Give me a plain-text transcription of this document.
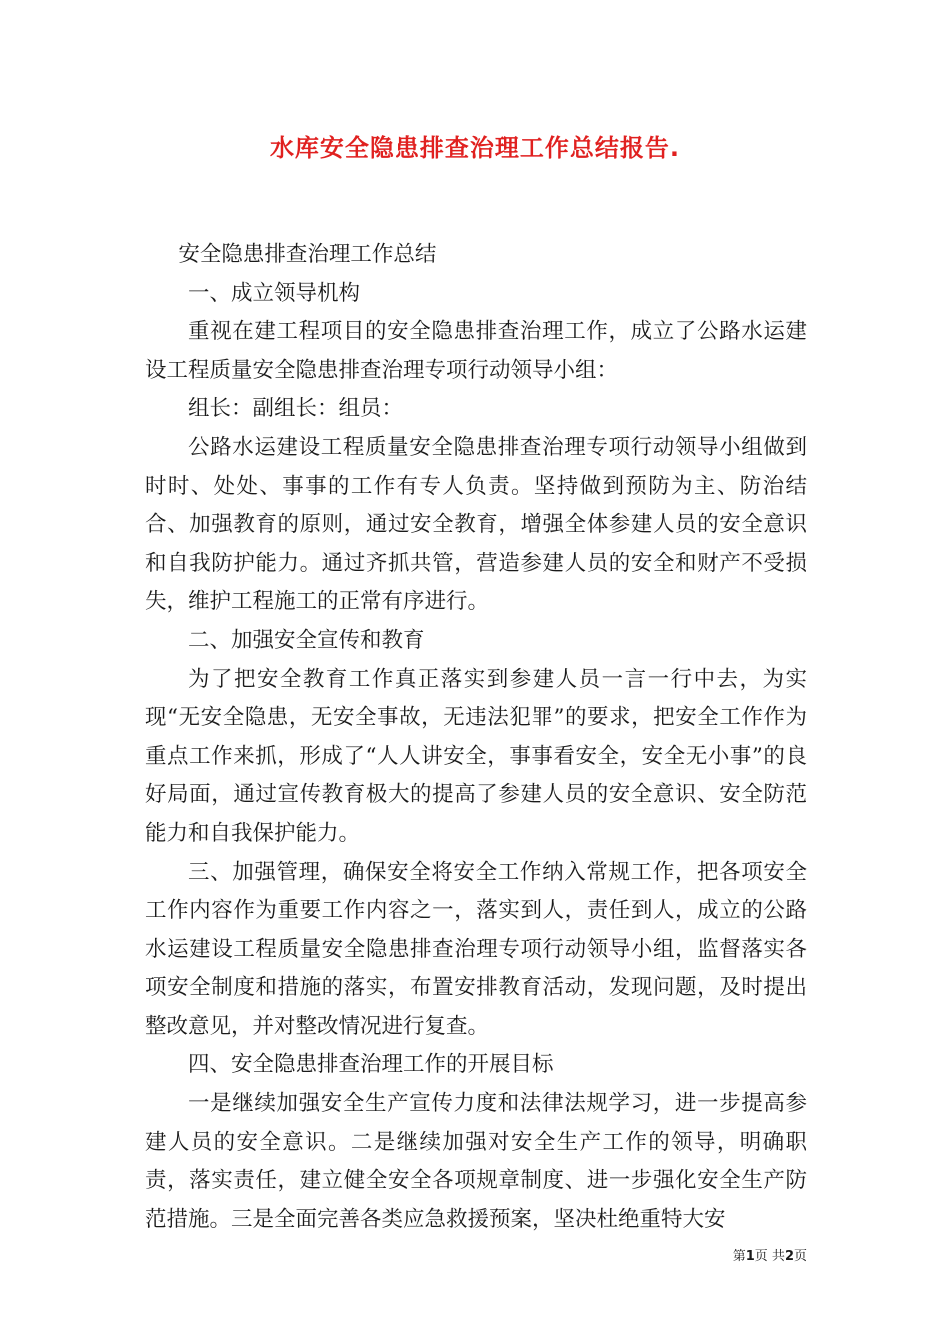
水库安全隐患排查治理工作总结报告.

安全隐患排查治理工作总结

一、成立领导机构

重视在建工程项目的安全隐患排查治理工作，成立了公路水运建设工程质量安全隐患排查治理专项行动领导小组：

组长：副组长：组员：

公路水运建设工程质量安全隐患排查治理专项行动领导小组做到时时、处处、事事的工作有专人负责。坚持做到预防为主、防治结合、加强教育的原则，通过安全教育，增强全体参建人员的安全意识和自我防护能力。通过齐抓共管，营造参建人员的安全和财产不受损失，维护工程施工的正常有序进行。

二、加强安全宣传和教育

为了把安全教育工作真正落实到参建人员一言一行中去，为实现“无安全隐患，无安全事故，无违法犯罪”的要求，把安全工作作为重点工作来抓，形成了“人人讲安全，事事看安全，安全无小事”的良好局面，通过宣传教育极大的提高了参建人员的安全意识、安全防范能力和自我保护能力。

三、加强管理，确保安全将安全工作纳入常规工作，把各项安全工作内容作为重要工作内容之一，落实到人，责任到人，成立的公路水运建设工程质量安全隐患排查治理专项行动领导小组，监督落实各项安全制度和措施的落实，布置安排教育活动，发现问题，及时提出整改意见，并对整改情况进行复查。

四、安全隐患排查治理工作的开展目标

一是继续加强安全生产宣传力度和法律法规学习，进一步提高参建人员的安全意识。二是继续加强对安全生产工作的领导，明确职责，落实责任，建立健全安全各项规章制度、进一步强化安全生产防范措施。三是全面完善各类应急救援预案，坚决杜绝重特大安

第1页 共2页
